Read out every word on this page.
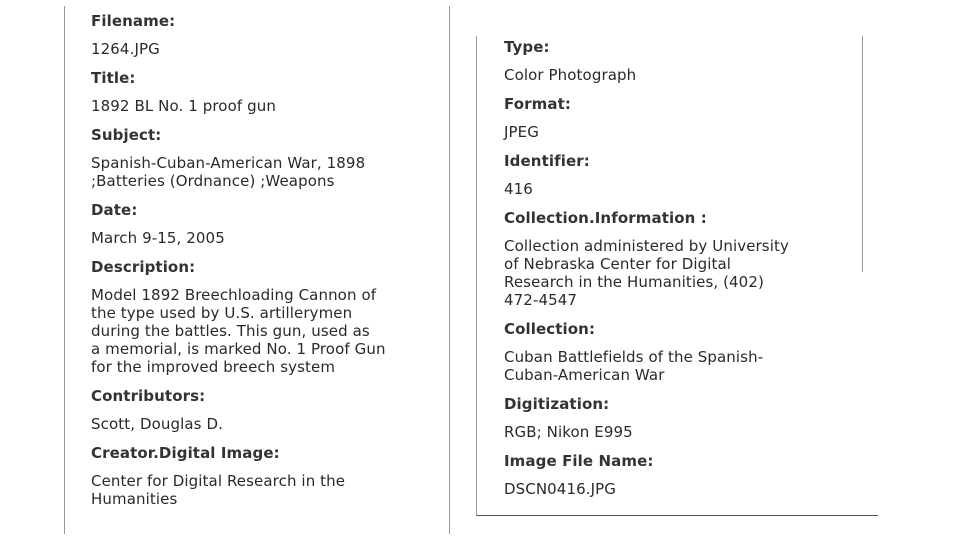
Filename:

1264.JPG

Title:

1892 BL No. 1 proof gun

Subject:

Spanish-Cuban-American War, 1898
;Batteries (Ordnance) ;Weapons

Date:

March 9-15, 2005

Description:

Model 1892 Breechloading Cannon of
the type used by U.S. artillerymen
during the battles. This gun, used as
a memorial, is marked No. 1 Proof Gun
for the improved breech system

Contributors:

Scott, Douglas D.

Creator.Digital Image:

Center for Digital Research in the
Humanities

Type:

Color Photograph

Format:

JPEG

Identifier:

416

Collection.Information :

Collection administered by University
of Nebraska Center for Digital
Research in the Humanities, (402)
472-4547

Collection:

Cuban Battlefields of the Spanish-
Cuban-American War

Digitization:

RGB; Nikon E995

Image File Name:

DSCN0416.JPG
